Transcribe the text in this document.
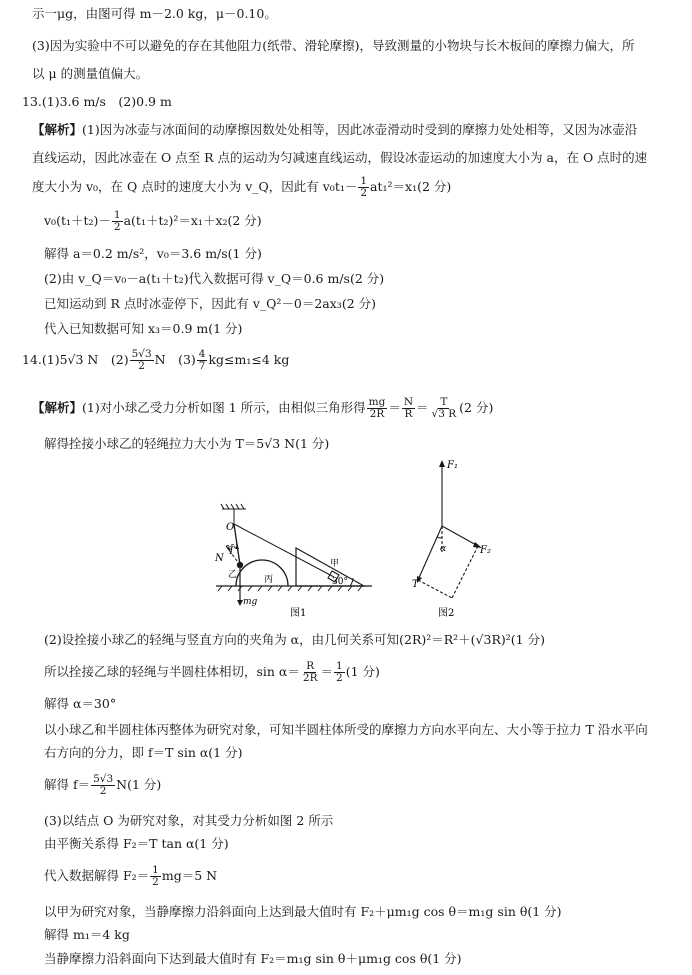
示一μg，由图可得 m－2.0 kg，μ－0.10。
(3)因为实验中不可以避免的存在其他阻力(纸带、滑轮摩擦)，导致测量的小物块与长木板间的摩擦力偏大，所
以 μ 的测量值偏大。
13.(1)3.6 m/s　(2)0.9 m
【解析】(1)因为冰壶与冰面间的动摩擦因数处处相等，因此冰壶滑动时受到的摩擦力处处相等，又因为冰壶沿
直线运动，因此冰壶在 O 点至 R 点的运动为匀减速直线运动，假设冰壶运动的加速度大小为 a，在 O 点时的速
度大小为 v₀，在 Q 点时的速度大小为 v_Q，因此有 $v_0t_1- \frac{1}{2} at_1^2=x_1(2$ 分)
$v_0(t_1+t_2)- \frac{1}{2} a(t_1+t_2)^2=x_1+x_2(2$ 分)
解得 a＝0.2 m/s²，v₀＝3.6 m/s(1 分)
(2)由 v_Q＝v₀－a(t₁＋t₂)代入数据可得 v_Q＝0.6 m/s(2 分)
已知运动到 R 点时冰壶停下，因此有 v_Q²－0＝2ax₃(2 分)
代入已知数据可知 x₃＝0.9 m(1 分)
14.(1)5√3 N　$(2) \frac{5√3}{2}$ N　$(3) \frac{4}{7} kg\le m_1\le 4$ kg
【解析】(1)对小球乙受力分析如图 1 所示，由相似三角形得 $\frac{mg}{2R} = \frac{N}{R} = \frac{T}{√3 R} (2$ 分)
解得拴接小球乙的轻绳拉力大小为 T＝5√3 N(1 分)
O
T
N
乙	丙
甲
30°
mg
图1
F₁
F₂
T
α
图2
(2)设拴接小球乙的轻绳与竖直方向的夹角为 α，由几何关系可知(2R)²＝R²＋(√3R)²(1 分)
所以拴接乙球的轻绳与半圆柱体相切，$\sin \alpha= \frac{R}{2R} = \frac{1}{2} (1$ 分)
解得 α＝30°
以小球乙和半圆柱体丙整体为研究对象，可知半圆柱体所受的摩擦力方向水平向左、大小等于拉力 T 沿水平向
右方向的分力，即 f＝T sin α(1 分)
解得 $f= \frac{5√3}{2} N(1$ 分)
(3)以结点 O 为研究对象，对其受力分析如图 2 所示
由平衡关系得 F₂＝T tan α(1 分)
代入数据解得 $F_2= \frac{1}{2} mg=5$ N
以甲为研究对象，当静摩擦力沿斜面向上达到最大值时有 F₂＋μm₁g cos θ＝m₁g sin θ(1 分)
解得 m₁＝4 kg
当静摩擦力沿斜面向下达到最大值时有 F₂＝m₁g sin θ＋μm₁g cos θ(1 分)
